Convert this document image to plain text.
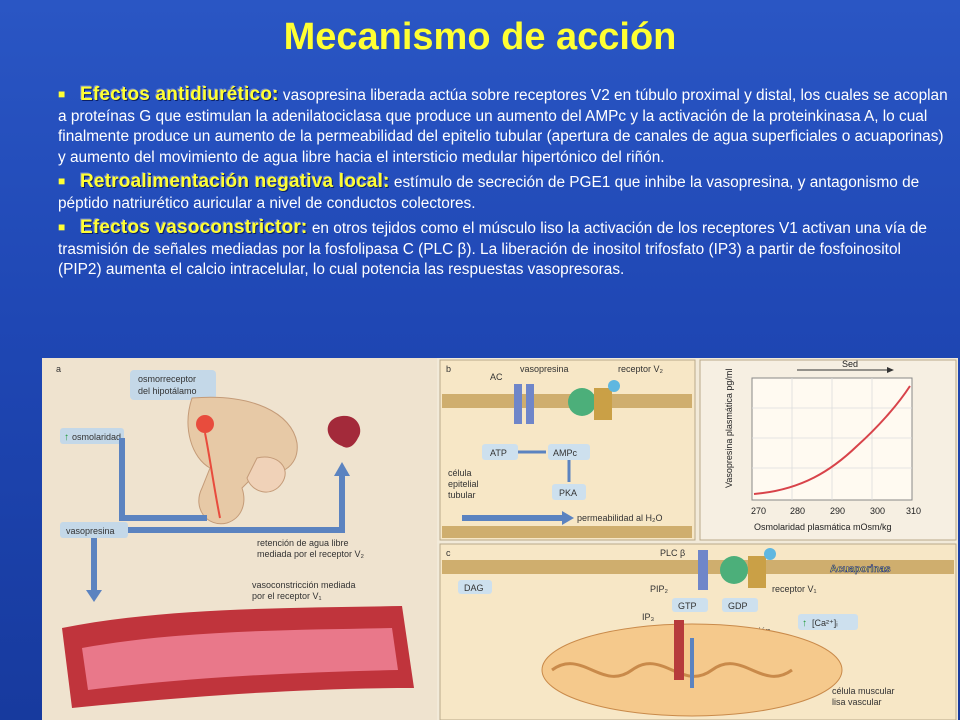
Mecanismo de acción

■ Efectos antidiurético: vasopresina liberada actúa sobre receptores V2 en túbulo proximal y distal, los cuales se acoplan a proteínas G que estimulan la adenilatociclasa que produce un aumento del AMPc y la activación de la proteinkinasa A, lo cual finalmente produce un aumento de la permeabilidad del epitelio tubular (apertura de canales de agua superficiales o acuaporinas) y aumento del movimiento de agua libre hacia el intersticio medular hipertónico del riñón.

■ Retroalimentación negativa local: estímulo de secreción de PGE1 que inhibe la vasopresina, y antagonismo de péptido natriurético auricular a nivel de conductos colectores.

■ Efectos vasoconstrictor: en otros tejidos como el músculo liso la activación de los receptores V1 activan una vía de trasmisión de señales mediadas por la fosfolipasa C (PLC β). La liberación de inositol trifosfato (IP3) a partir de fosfoinositol (PIP2) aumenta el calcio intracelular, lo cual potencia las respuestas vasopresoras.

a
osmorreceptor
del hipotálamo
↑ osmolaridad
vasopresina
retención de agua libre
mediada por el receptor V₂
vasoconstricción mediada
por el receptor V₁
b
AC
vasopresina	receptor V₂
ATP	AMPc
PKA
célula
epitelial
tubular
permeabilidad al H₂O
Sed
Vasopresina plasmática pg/ml
270	280	290	300 310
Osmolaridad plasmática mOsm/kg
c	PLC β
DAG	PIP₂
GTP	GDP
receptor V₁
IP₃
↑ [Ca²⁺]ᵢ
célula muscular
lisa vascular
Acuaporinas
